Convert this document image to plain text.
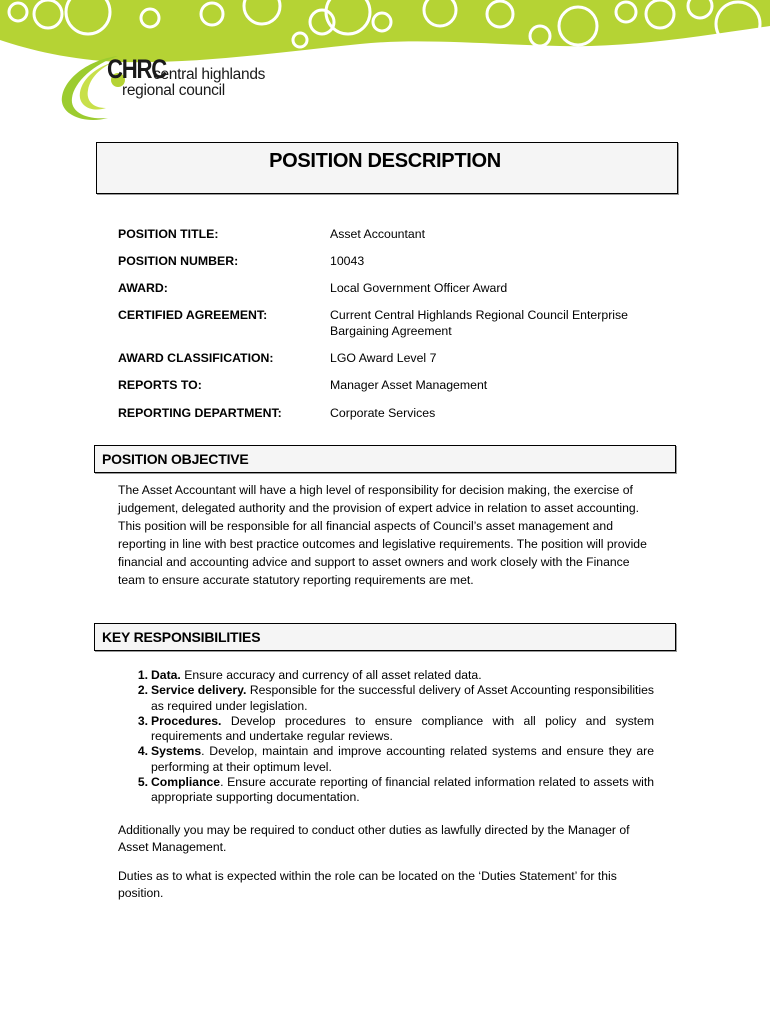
CHRC
central highlands
regional council
POSITION DESCRIPTION
POSITION TITLE:	Asset Accountant
POSITION NUMBER:	10043
AWARD:	Local Government Officer Award
CERTIFIED AGREEMENT:	Current Central Highlands Regional Council Enterprise Bargaining Agreement
AWARD CLASSIFICATION:	LGO Award Level 7
REPORTS TO:	Manager Asset Management
REPORTING DEPARTMENT:	Corporate Services
POSITION OBJECTIVE
The Asset Accountant will have a high level of responsibility for decision making, the exercise of judgement, delegated authority and the provision of expert advice in relation to asset accounting. This position will be responsible for all financial aspects of Council’s asset management and reporting in line with best practice outcomes and legislative requirements. The position will provide financial and accounting advice and support to asset owners and work closely with the Finance team to ensure accurate statutory reporting requirements are met.
KEY RESPONSIBILITIES
1. Data. Ensure accuracy and currency of all asset related data.
2. Service delivery. Responsible for the successful delivery of Asset Accounting responsibilities as required under legislation.
3. Procedures. Develop procedures to ensure compliance with all policy and system requirements and undertake regular reviews.
4. Systems. Develop, maintain and improve accounting related systems and ensure they are performing at their optimum level.
5. Compliance. Ensure accurate reporting of financial related information related to assets with appropriate supporting documentation.
Additionally you may be required to conduct other duties as lawfully directed by the Manager of Asset Management.
Duties as to what is expected within the role can be located on the ‘Duties Statement’ for this position.
